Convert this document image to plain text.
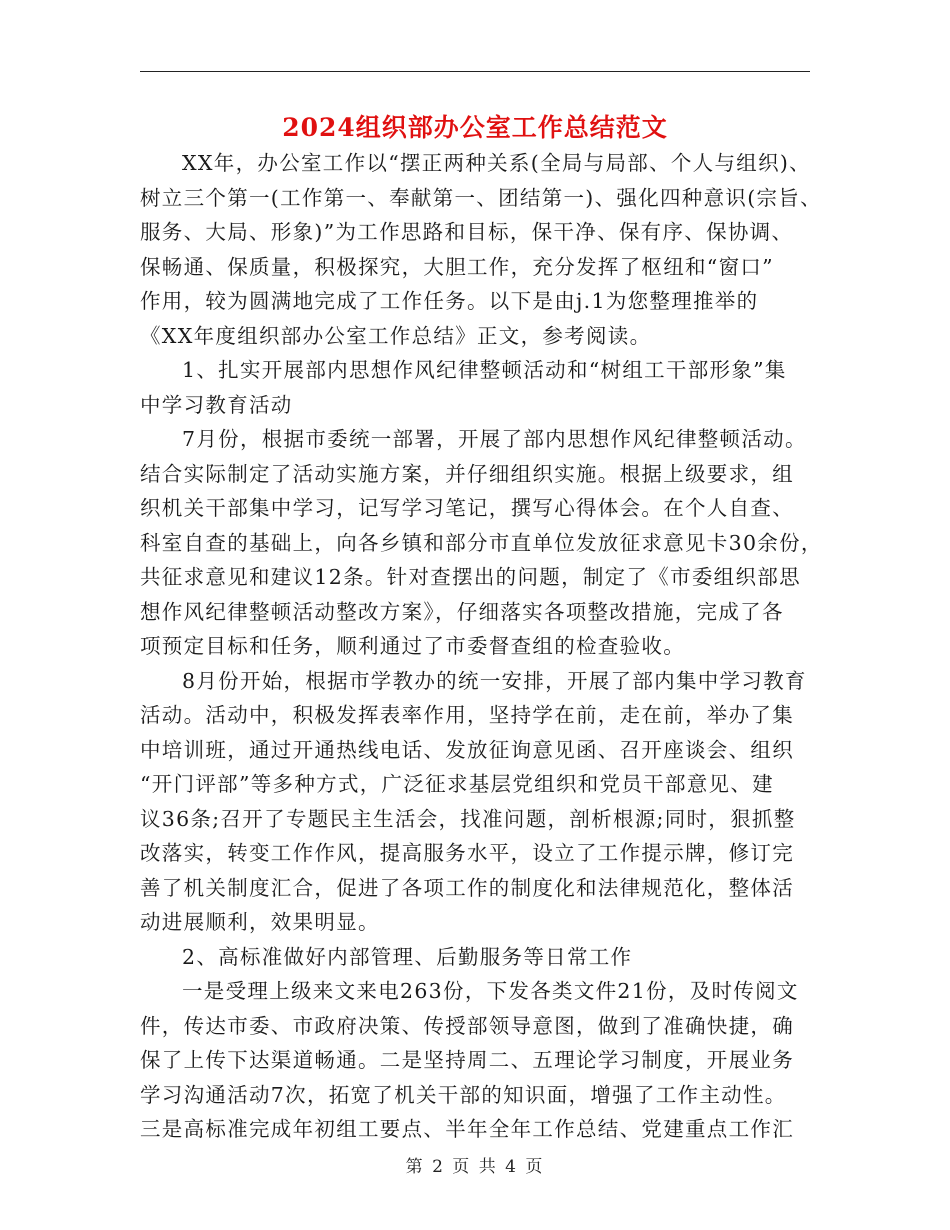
2024组织部办公室工作总结范文
XX年，办公室工作以“摆正两种关系(全局与局部、个人与组织)、
树立三个第一(工作第一、奉献第一、团结第一)、强化四种意识(宗旨、
服务、大局、形象)”为工作思路和目标，保干净、保有序、保协调、
保畅通、保质量，积极探究，大胆工作，充分发挥了枢纽和“窗口”
作用，较为圆满地完成了工作任务。以下是由j.1为您整理推举的
《XX年度组织部办公室工作总结》正文，参考阅读。
1、扎实开展部内思想作风纪律整顿活动和“树组工干部形象”集
中学习教育活动
7月份，根据市委统一部署，开展了部内思想作风纪律整顿活动。
结合实际制定了活动实施方案，并仔细组织实施。根据上级要求，组
织机关干部集中学习，记写学习笔记，撰写心得体会。在个人自查、
科室自查的基础上，向各乡镇和部分市直单位发放征求意见卡30余份，
共征求意见和建议12条。针对查摆出的问题，制定了《市委组织部思
想作风纪律整顿活动整改方案》，仔细落实各项整改措施，完成了各
项预定目标和任务，顺利通过了市委督查组的检查验收。
8月份开始，根据市学教办的统一安排，开展了部内集中学习教育
活动。活动中，积极发挥表率作用，坚持学在前，走在前，举办了集
中培训班，通过开通热线电话、发放征询意见函、召开座谈会、组织
“开门评部”等多种方式，广泛征求基层党组织和党员干部意见、建
议36条;召开了专题民主生活会，找准问题，剖析根源;同时，狠抓整
改落实，转变工作作风，提高服务水平，设立了工作提示牌，修订完
善了机关制度汇合，促进了各项工作的制度化和法律规范化，整体活
动进展顺利，效果明显。
2、高标准做好内部管理、后勤服务等日常工作
一是受理上级来文来电263份，下发各类文件21份，及时传阅文
件，传达市委、市政府决策、传授部领导意图，做到了准确快捷，确
保了上传下达渠道畅通。二是坚持周二、五理论学习制度，开展业务
学习沟通活动7次，拓宽了机关干部的知识面，增强了工作主动性。
三是高标准完成年初组工要点、半年全年工作总结、党建重点工作汇
第 2 页 共 4 页
